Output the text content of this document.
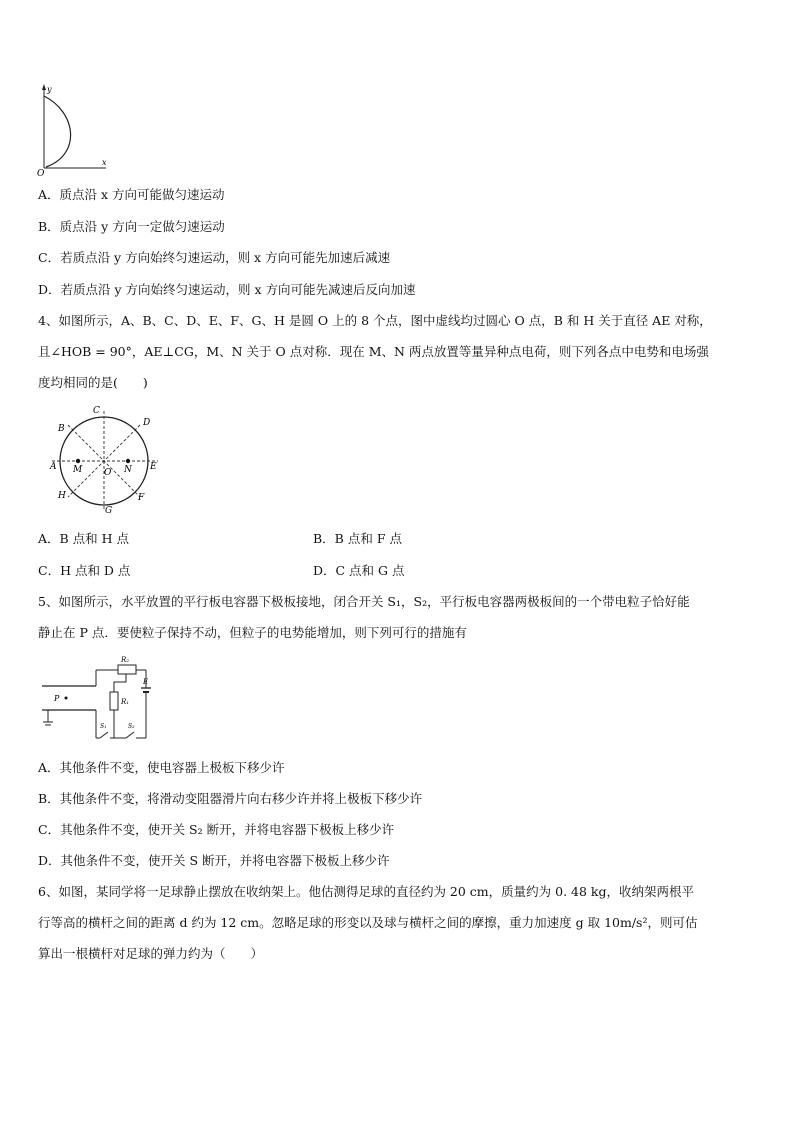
y
x
O
A．质点沿 x 方向可能做匀速运动
B．质点沿 y 方向一定做匀速运动
C．若质点沿 y 方向始终匀速运动，则 x 方向可能先加速后减速
D．若质点沿 y 方向始终匀速运动，则 x 方向可能先减速后反向加速
4、如图所示，A、B、C、D、E、F、G、H 是圆 O 上的 8 个点，图中虚线均过圆心 O 点，B 和 H 关于直径 AE 对称，
且∠HOB = 90°，AE⊥CG，M、N 关于 O 点对称．现在 M、N 两点放置等量异种点电荷，则下列各点中电势和电场强
度均相同的是(　　)
A
B
C
D
E
F
G
H
M	N
O
A．B 点和 H 点	B．B 点和 F 点
C．H 点和 D 点	D．C 点和 G 点
5、如图所示，水平放置的平行板电容器下极板接地，闭合开关 S₁，S₂，平行板电容器两极板间的一个带电粒子恰好能
静止在 P 点．要使粒子保持不动，但粒子的电势能增加，则下列可行的措施有
P
R₂
R₁
E
S₁	S₂
A．其他条件不变，使电容器上极板下移少许
B．其他条件不变，将滑动变阻器滑片向右移少许并将上极板下移少许
C．其他条件不变，使开关 S₂ 断开，并将电容器下极板上移少许
D．其他条件不变，使开关 S 断开，并将电容器下极板上移少许
6、如图，某同学将一足球静止摆放在收纳架上。他估测得足球的直径约为 20 cm，质量约为 0. 48 kg，收纳架两根平
行等高的横杆之间的距离 d 约为 12 cm。忽略足球的形变以及球与横杆之间的摩擦，重力加速度 g 取 10m/s²，则可估
算出一根横杆对足球的弹力约为（　　）
